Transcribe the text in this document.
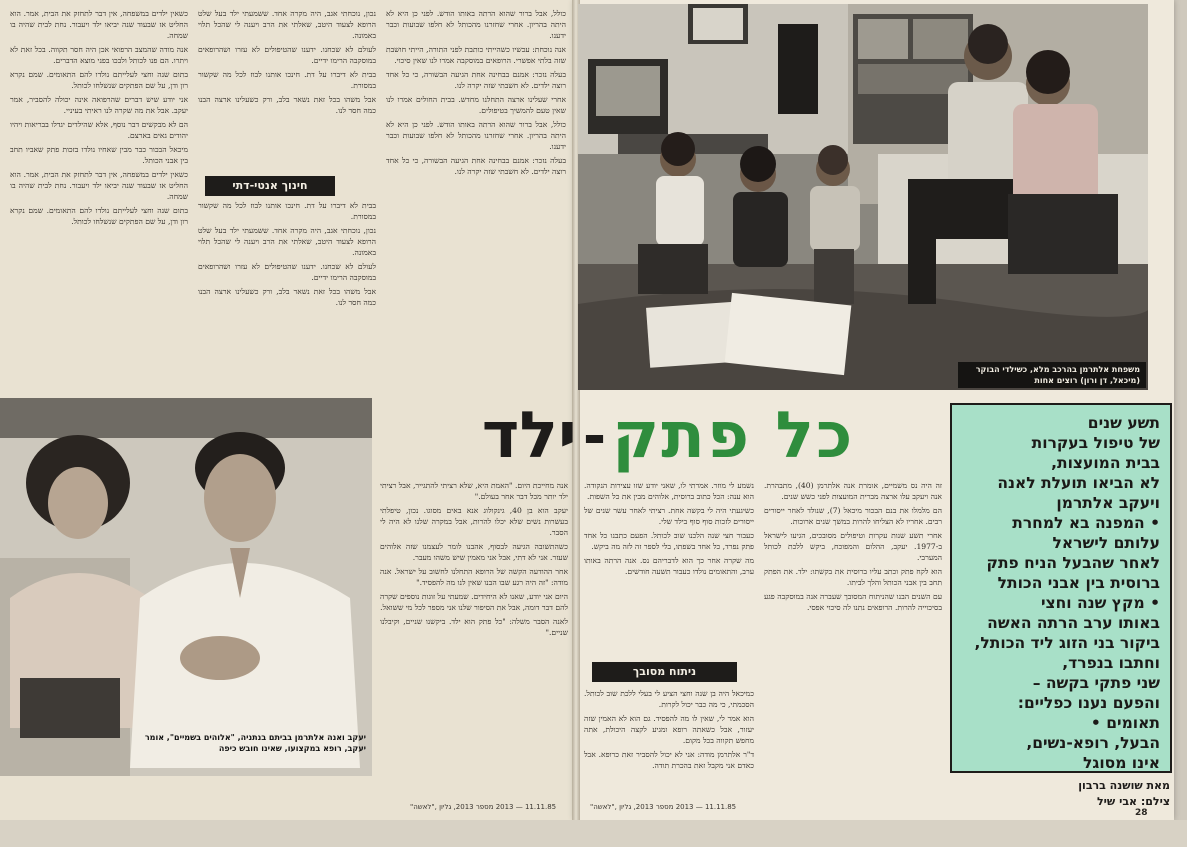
כשאין ילדים במשפחה, אין דבר לתחזק את הבית, אמר. הוא החליט אז שבעוד שנה יביאו ילד ויעבור. נחת לבית שהיה בו שמחה.

אנה מודה שהמצב הרפואי אכן היה חסר תקווה. בכל זאת לא ויתרו. הם פנו לכותל ולבכו בפני מוצא הדברים.

בתום שנה וחצי לעלייתם נולדו להם התאומים. שמם נקרא רון ודן, על שם הפתקים שנשלחו לכותל.

אני יודע שיש דברים שהרפואה אינה יכולה להסביר, אמר יעקב. אבל את מה שקרה לנו ראיתי בעיניי.

הם לא מבקשים דבר נוסף, אלא שהילדים יגדלו בבריאות ויהיו יהודים גאים בארצם.

מיכאל הבכור כבר מבין שאחיו נולדו בזכות פתק שאביו תחב בין אבני הכותל.

כשאין ילדים במשפחה, אין דבר לתחזק את הבית, אמר. הוא החליט אז שבעוד שנה יביאו ילד ויעבור. נחת לבית שהיה בו שמחה.

בתום שנה וחצי לעלייתם נולדו להם התאומים. שמם נקרא רון ודן, על שם הפתקים שנשלחו לכותל.

נכון, נוכחתי אגב, היה מקרה אחד. ששמעתי ילד בעל שלט הרופא לצעוד היטב, שאלתי את הרב ויענה לי שהכל תלוי באמונה.

לעולם לא שכחנו. ידענו שהטיפולים לא עזרו ושהרופאים במוסקבה הרימו ידיים.

בבית לא דיברו על דת. חינכו אותנו לבוז לכל מה שקשור במסורת.

אבל משהו בכל זאת נשאר בלב, ורק כשעלינו ארצה הבנו כמה חסר לנו.

חינוך אנטי-דתי

בבית לא דיברו על דת. חינכו אותנו לבוז לכל מה שקשור במסורת.

נכון, נוכחתי אגב, היה מקרה אחד. ששמעתי ילד בעל שלט הרופא לצעוד היטב, שאלתי את הרב ויענה לי שהכל תלוי באמונה.

לעולם לא שכחנו. ידענו שהטיפולים לא עזרו ושהרופאים במוסקבה הרימו ידיים.

אבל משהו בכל זאת נשאר בלב, ורק כשעלינו ארצה הבנו כמה חסר לנו.

כולל, אבל ברור שהוא הרתה באותו הודש. לפני כן היא לא היתה בהריון. אחרי שחזרנו מהכותל לא חלפו שבועות וכבר ידענו.

אנה נוכחת: עכשיו כשהייתי כותבת לפני התורה, הייתי חושבת שזה בלתי אפשרי. הרופאים במוסקבה אמרו לנו שאין סיכוי.

בעלה נזכר: אמנם בבחינה אחת הגיעה הבשורה, כי כל אחד רוצה ילדים. לא חשבתי שזה יקרה לנו.

אחרי שעלינו ארצה התחלנו מחדש. בבית החולים אמרו לנו שאין טעם להמשיך בטיפולים.

כולל, אבל ברור שהוא הרתה באותו הודש. לפני כן היא לא היתה בהריון. אחרי שחזרנו מהכותל לא חלפו שבועות וכבר ידענו.

בעלה נזכר: אמנם בבחינה אחת הגיעה הבשורה, כי כל אחד רוצה ילדים. לא חשבתי שזה יקרה לנו.

משפחת אלתרמן בהרכב מלא, כשילדי הבוקר (מיכאל, דן ורון) רוצים אחות
כל פתק
-
ילד	תשע שנים
של טיפול בעקרות
בבית המועצות,
לא הביאו תועלת לאנה
ויעקב אלתרמן
• המפנה בא למחרת
עלותם לישראל
לאחר שהבעל הניח פתק
ברוסית בין אבני הכותל
• מקץ שנה וחצי
באותו ערב הרתה האשה
ביקור בני הזוג ליד הכותל,
וחתבו בנפרד,
שני פתקי בקשה –
והפעם נענו כפליים:
תאומים •
הבעל, רופא-נשים,
אינו מסוגל
מאת שושנה ברבון
צילם: אבי שיל
יעקב ואנה אלתרמן בביתם בנתניה, "אלוהים בשמיים", אומר יעקב, רופא במקצועו, שאינו חובש כיפה

אנה מחייכת היום. "האמת היא, שלא רציתי להתגייר, אבל רציתי ילד יותר מכל דבר אחר בעולם."

יעקב הוא בן 40, גינקולוג אנא באים מסוגו. נכון, טיפלתי בעשרות נשים שלא יכלו להרות, אבל במקרה שלנו לא היה לי הסבר.

כשהתשובה הגיעה לבסוף, אהבנו לומר לעצמנו שזה אלוהים שעזר. אני לא דתי, אבל אני מאמין שיש משהו מעבר.

אחר ההודעה הקשה של הרופא התחלנו לחשוב על ישראל. אנה מודה: "זה היה רגע שבו הבנו שאין לנו מה להפסיד."

היום אני יודע, שאנו לא היחידים. שמעתי על זוגות נוספים שקרה להם דבר דומה, אבל את הסיפור שלנו אני מספר לכל מי ששואל.

לאנה הסבר משלה: "כל פתק הוא ילד. ביקשנו שניים, וקיבלנו שניים."

נשמע לי מוזר. אמרתי לו, שאני יודע שזו עצירות הנקודה. הוא ענה: הכל כתוב ברוסית, אלוהים מבין את כל השפות.

כשיגעתי היה לי בקשה אחת. רציתי לאחר עשר שנים של ייסורים לזכות סוף סוף בילד שלי.

כעבור חצי שנה הלכנו שוב לכותל. הפעם כתבנו כל אחד פתק נפרד, כל אחד בשפתו, בלי לספר זה לזה מה ביקש.

מה שקרה אחר כך הוא לדבריהם נס. אנה הרתה באותו ערב, והתאומים נולדו כעבור תשעה חודשים.

ניתוח מסובך

כמיכאל היה בן שנה וחצי הציע לי בעלי ללכת שוב לכותל. הסכמתי, כי מה כבר יכול לקרות.

הוא אמר לי, שאין לו מה להפסיד. גם הוא לא האמין שזה יעזור, אבל כשאתה רופא ומגיע לקצה היכולת, אתה מחפש תקווה בכל מקום.

ד"ר אלתרמן מודה: אני לא יכול להסביר זאת כרופא. אבל כאדם אני מקבל זאת בהכרת תודה.

זה היה נס משמיים, אומרת אנה אלתרמן (40), מתבהרת. אנה ויעקב עלו ארצה מברית המועצות לפני כשש שנים.

הם מלמלו את בנם הבכור מיכאל (7), שנולד לאחר ייסורים רבים. אחריו לא הצליחו להרות במשך שנים ארוכות.

אחרי תשע שנות עקרות וטיפולים מסובכים, הגיעו לישראל ב-1977. יעקב, ההלום והמפוכח, ביקש ללכת לכותל המערבי.

הוא לקח פתק וכתב עליו ברוסית את בקשתו: ילד. את הפתק תחב בין אבני הכותל והלך לביתו.

עם השנים הבנו שהניתוח המסובך שעברה אנה במוסקבה פגע בסיכוייה להרות. הרופאים נתנו לה סיכוי אפסי.

11.11.85 — 2013 מספר 2013, גליון ,"לאשה"	11.11.85 — 2013 מספר 2013, גליון ,"לאשה"
28
